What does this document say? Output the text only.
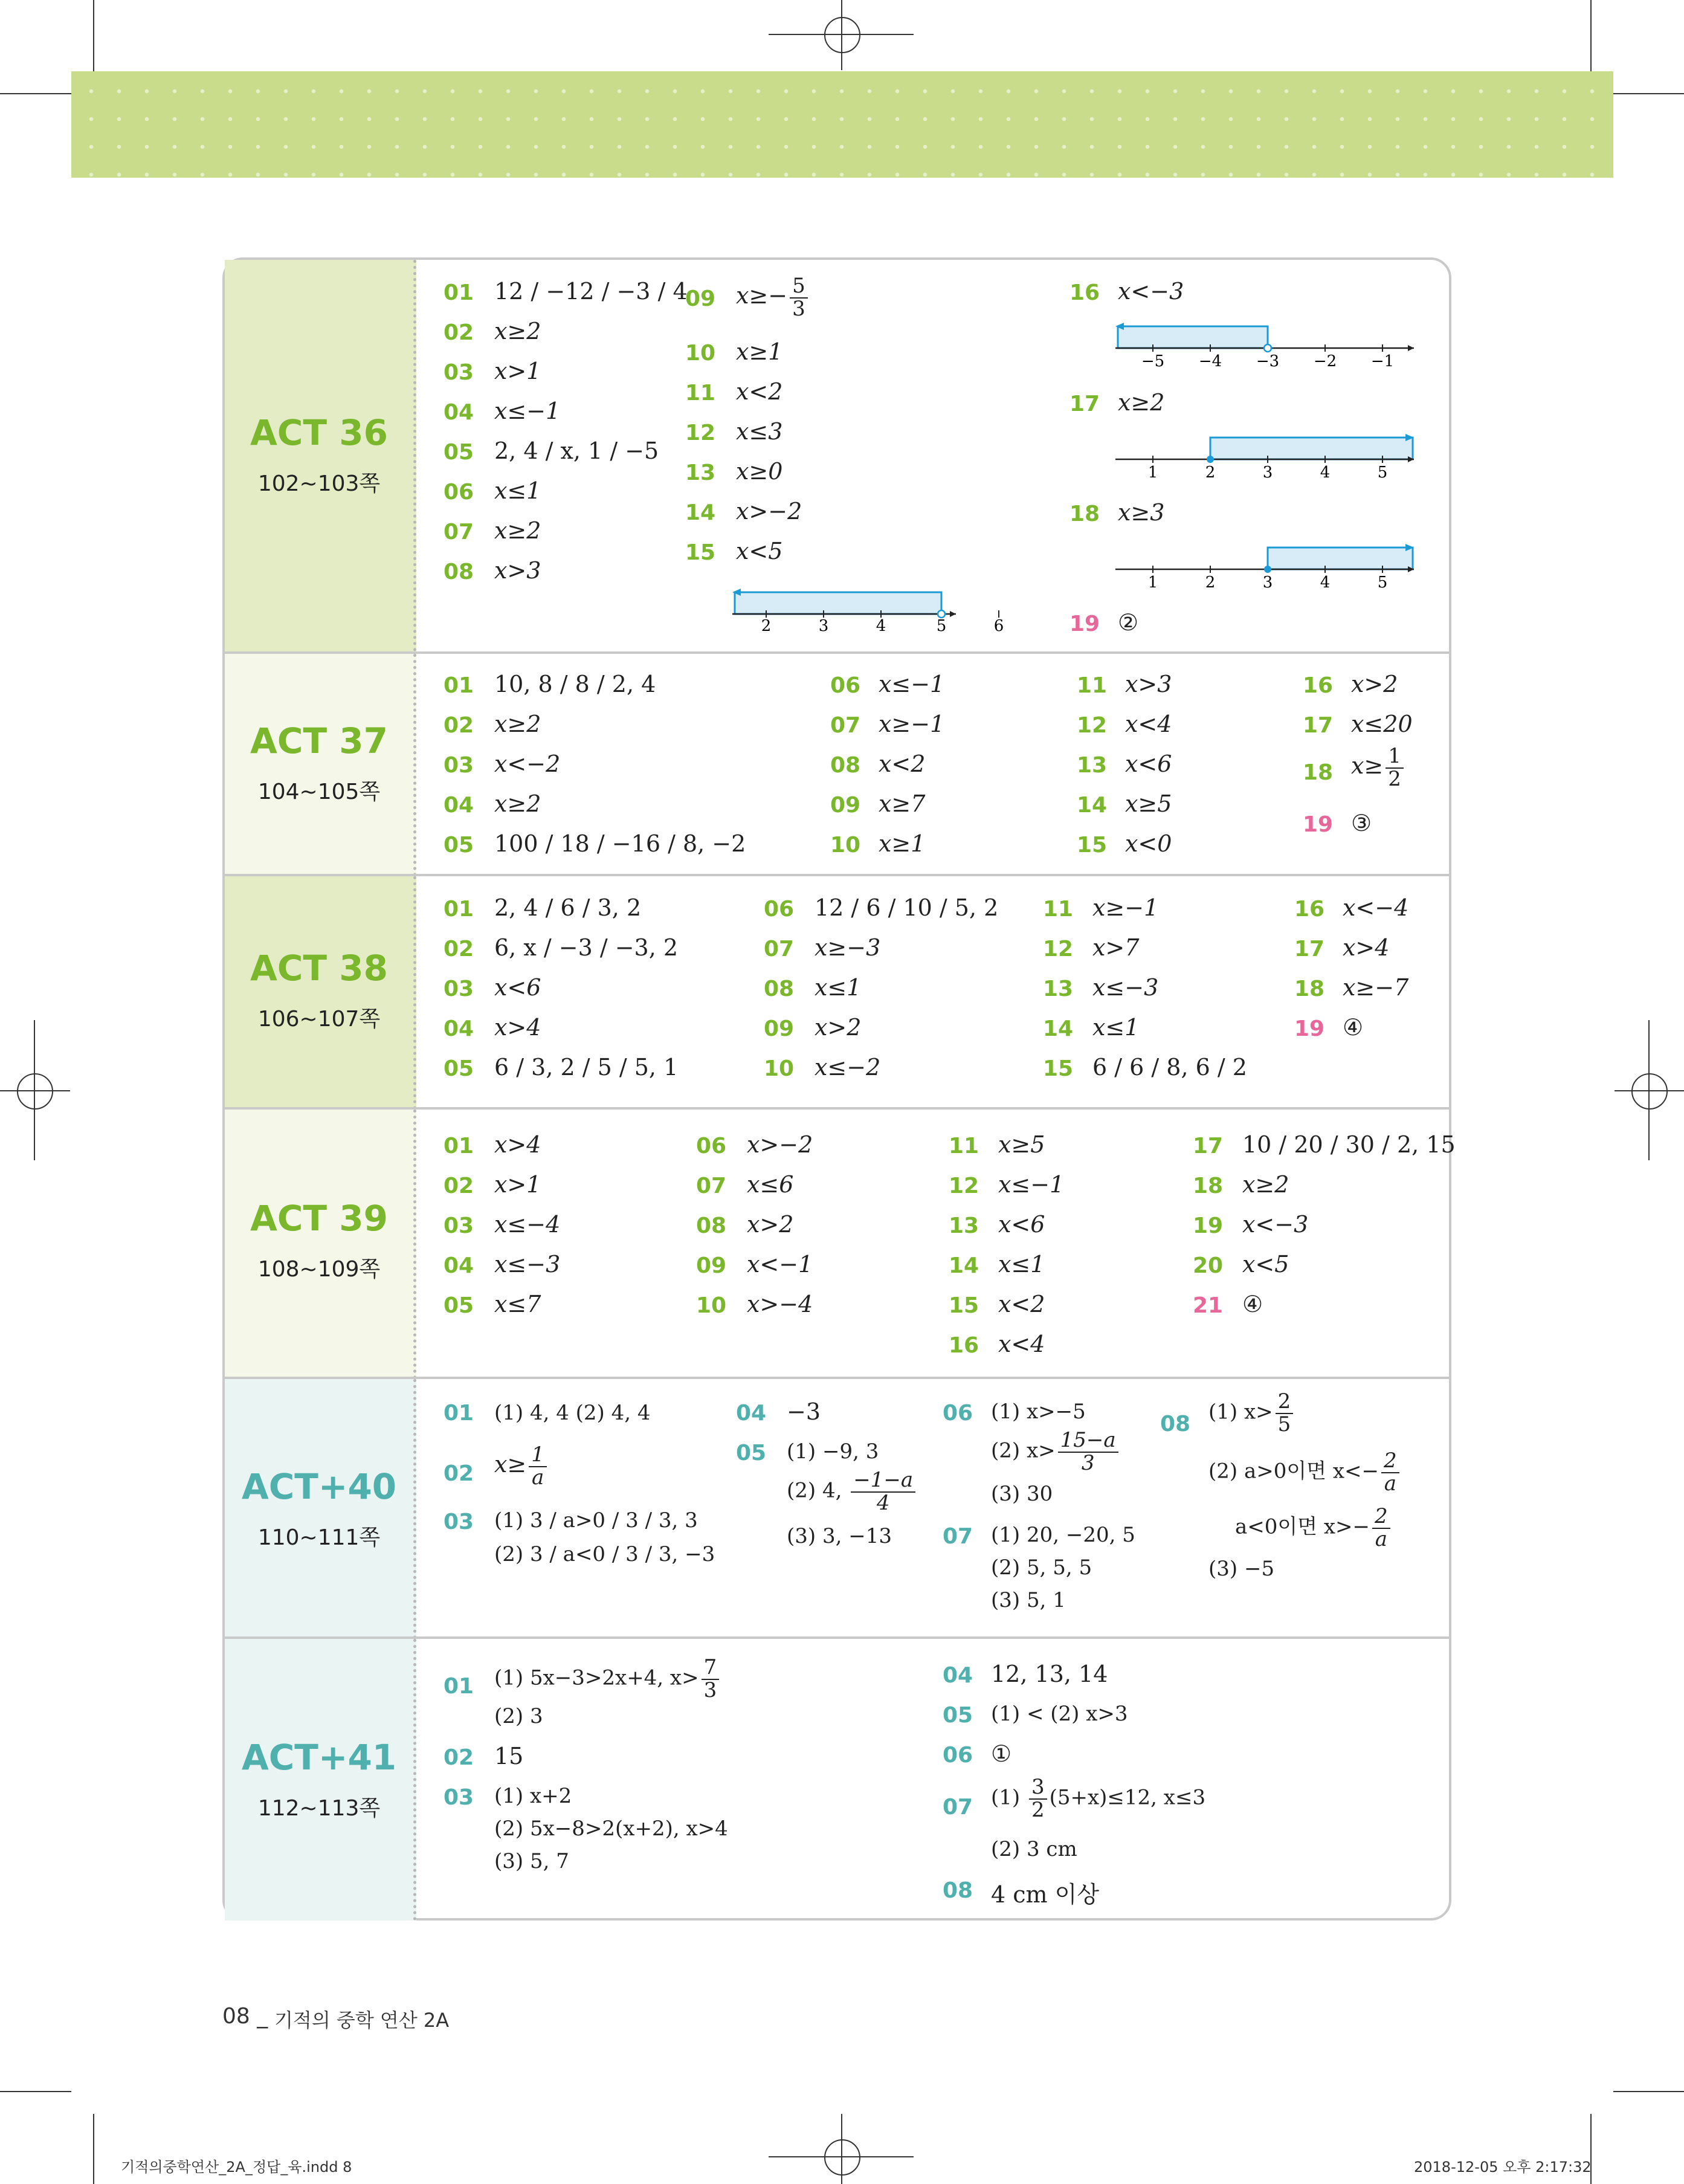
ACT 36
102~103쪽
01 12 / −12 / −3 / 4
02 x≥2
03 x>1
04 x≤−1
05 2, 4 / x, 1 / −5
06 x≤1
07 x≥2
08 x>3
09 $x\ge- \frac{5}{3}$
10 x≥1
11 x<2
12 x≤3
13 x≥0
14 x>−2
15 x<5
2	3	4	5	6
16 x<−3
−5 −4 −3 −2 −1
17 x≥2
1	2	3	4	5
18 x≥3
1	2	3	4	5
19 ②
ACT 37
104~105쪽
01 10, 8 / 8 / 2, 4
02 x≥2
03 x<−2
04 x≥2
05 100 / 18 / −16 / 8, −2
06 x≤−1
07 x≥−1
08 x<2
09 x≥7
10 x≥1
11 x>3
12 x<4
13 x<6
14 x≥5
15 x<0
16 x>2
17 x≤20
18 $x\ge \frac{1}{2}$
19 ③
ACT 38
106~107쪽
01 2, 4 / 6 / 3, 2
02 6, x / −3 / −3, 2
03 x<6
04 x>4
05 6 / 3, 2 / 5 / 5, 1
06 12 / 6 / 10 / 5, 2
07 x≥−3
08 x≤1
09 x>2
10 x≤−2
11 x≥−1
12 x>7
13 x≤−3
14 x≤1
15 6 / 6 / 8, 6 / 2
16 x<−4
17 x>4
18 x≥−7
19 ④
ACT 39
108~109쪽
01 x>4
02 x>1
03 x≤−4
04 x≤−3
05 x≤7
06 x>−2
07 x≤6
08 x>2
09 x<−1
10 x>−4
11 x≥5
12 x≤−1
13 x<6
14 x≤1
15 x<2
16 x<4
17 10 / 20 / 30 / 2, 15
18 x≥2
19 x<−3
20 x<5
21 ④
ACT+40
110~111쪽
01 (1) 4, 4 (2) 4, 4
02 $x\ge \frac{1}{a}$
03 (1) 3 / a>0 / 3 / 3, 3
(2) 3 / a<0 / 3 / 3, −3
04 −3
05 (1) −9, 3
(2) 4, $\frac{-1-a}{4}$
(3) 3, −13
06 (1) x>−5
(2) $x> \frac{15-a}{3}$
(3) 30
07 (1) 20, −20, 5
(2) 5, 5, 5
(3) 5, 1
08 (1) $x> \frac{2}{5}$
(2) a>0이면 $x<- \frac{2}{a}$
a<0이면 $x>- \frac{2}{a}$
(3) −5
ACT+41
112~113쪽
01 (1) 5x−3>2x+4, $x> \frac{7}{3}$
(2) 3
02 15
03 (1) x+2
(2) 5x−8>2(x+2), x>4
(3) 5, 7
04 12, 13, 14
05 (1) < (2) x>3
06 ①
07 $(1) \frac{3}{2} (5+x)\le 12$, x≤3
(2) 3 cm
08 4 cm 이상
08 _ 기적의 중학 연산 2A
기적의중학연산_2A_정답_육.indd 8	2018-12-05 오후 2:17:32
